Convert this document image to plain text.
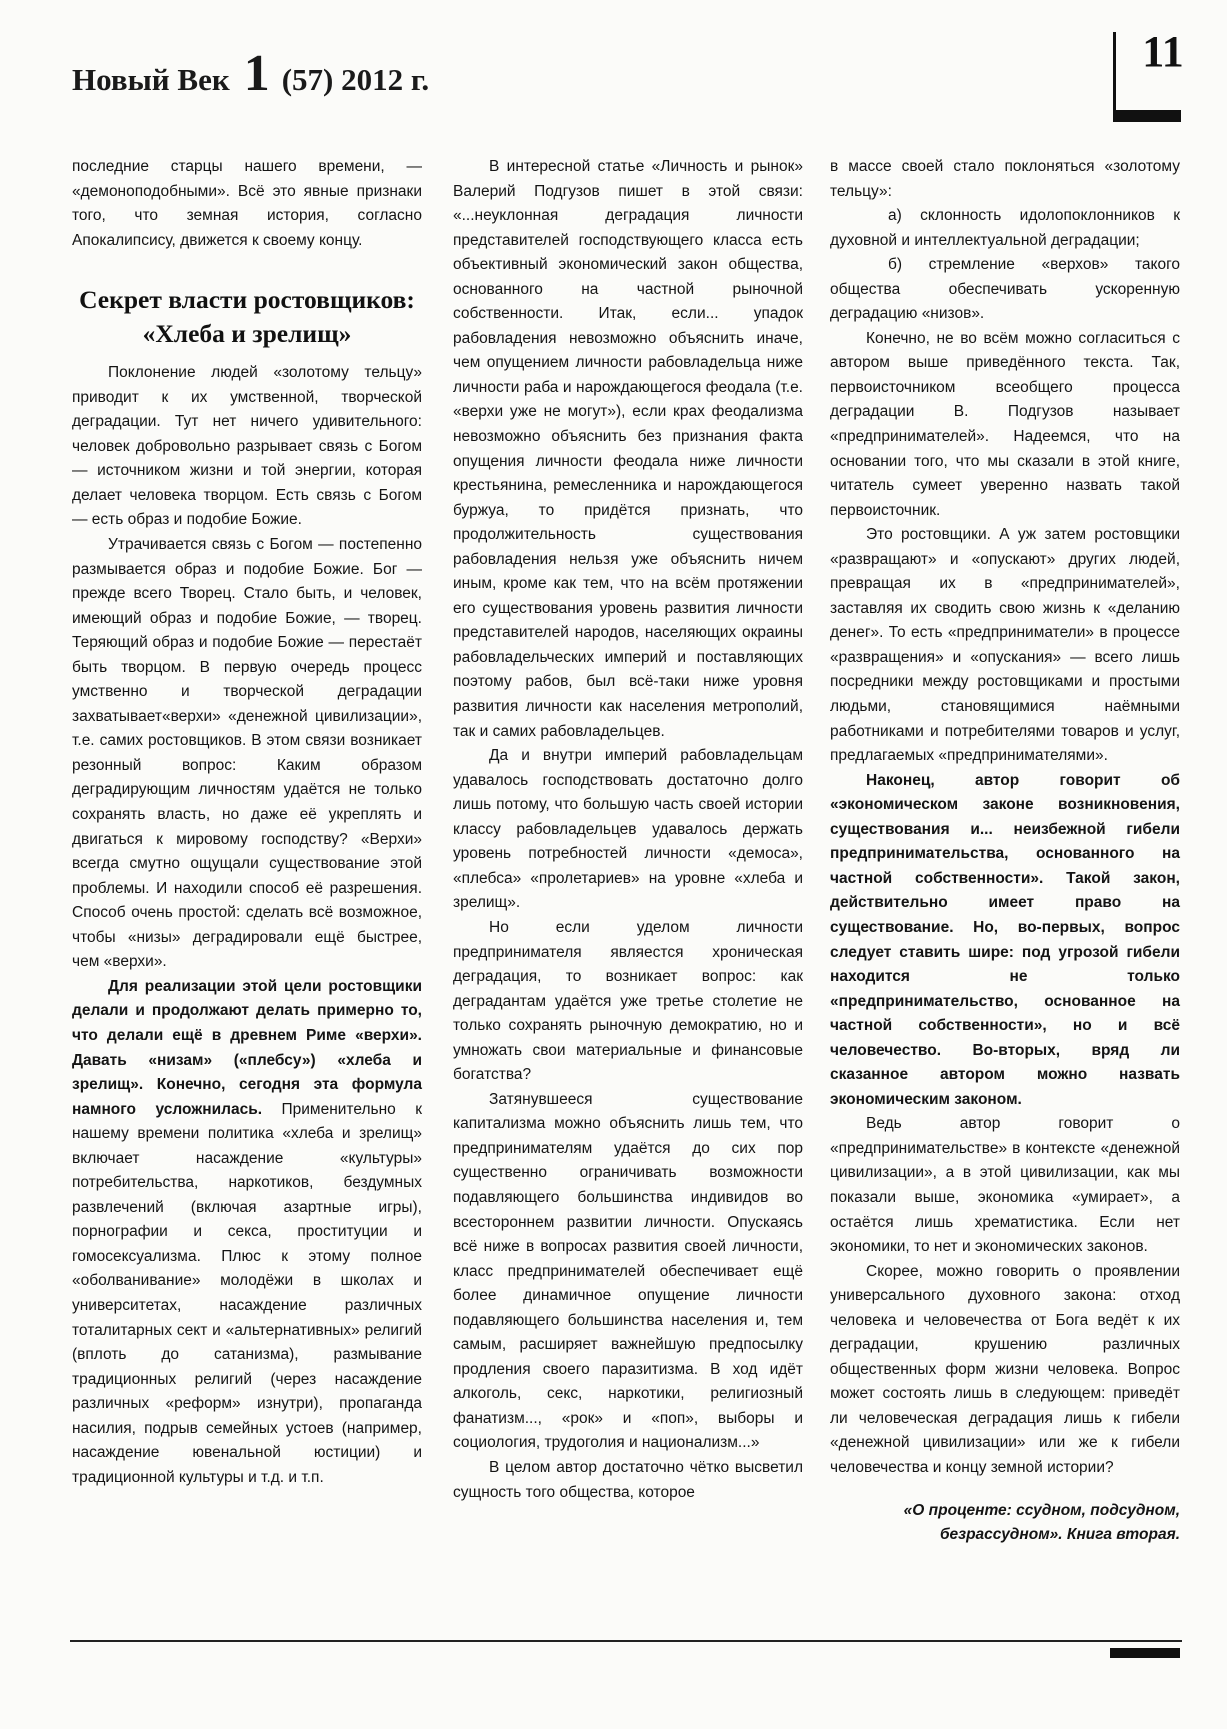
Новый Век 1 (57) 2012 г.
11

последние старцы нашего времени, — «демоноподобными». Всё это явные признаки того, что земная история, согласно Апокалипсису, движется к своему концу.

Секрет власти ростовщиков: «Хлеба и зрелищ»

Поклонение людей «золотому тельцу» приводит к их умственной, творческой деградации. Тут нет ничего удивительного: человек добровольно разрывает связь с Богом — источником жизни и той энергии, которая делает человека творцом. Есть связь с Богом — есть образ и подобие Божие.

Утрачивается связь с Богом — постепенно размывается образ и подобие Божие. Бог — прежде всего Творец. Стало быть, и человек, имеющий образ и подобие Божие, — творец. Теряющий образ и подобие Божие — перестаёт быть творцом. В первую очередь процесс умственно и творческой деградации захватывает«верхи» «денежной цивилизации», т.е. самих ростовщиков. В этом связи возникает резонный вопрос: Каким образом деградирующим личностям удаётся не только сохранять власть, но даже её укреплять и двигаться к мировому господству? «Верхи» всегда смутно ощущали существование этой проблемы. И находили способ её разрешения. Способ очень простой: сделать всё возможное, чтобы «низы» деградировали ещё быстрее, чем «верхи».

Для реализации этой цели ростовщики делали и продолжают делать примерно то, что делали ещё в древнем Риме «верхи». Давать «низам» («плебсу») «хлеба и зрелищ». Конечно, сегодня эта формула намного усложнилась. Применительно к нашему времени политика «хлеба и зрелищ» включает насаждение «культуры» потребительства, наркотиков, бездумных развлечений (включая азартные игры), порнографии и секса, проституции и гомосексуализма. Плюс к этому полное «оболванивание» молодёжи в школах и университетах, насаждение различных тоталитарных сект и «альтернативных» религий (вплоть до сатанизма), размывание традиционных религий (через насаждение различных «реформ» изнутри), пропаганда насилия, подрыв семейных устоев (например, насаждение ювенальной юстиции) и традиционной культуры и т.д. и т.п.

В интересной статье «Личность и рынок» Валерий Подгузов пишет в этой связи: «...неуклонная деградация личности представителей господствующего класса есть объективный экономический закон общества, основанного на частной рыночной собственности. Итак, если... упадок рабовладения невозможно объяснить иначе, чем опущением личности рабовладельца ниже личности раба и нарождающегося феодала (т.е. «верхи уже не могут»), если крах феодализма невозможно объяснить без признания факта опущения личности феодала ниже личности крестьянина, ремесленника и нарождающегося буржуа, то придётся признать, что продолжительность существования рабовладения нельзя уже объяснить ничем иным, кроме как тем, что на всём протяжении его существования уровень развития личности представителей народов, населяющих окраины рабовладельческих империй и поставляющих поэтому рабов, был всё-таки ниже уровня развития личности как населения метрополий, так и самих рабовладельцев.

Да и внутри империй рабовладельцам удавалось господствовать достаточно долго лишь потому, что большую часть своей истории классу рабовладельцев удавалось держать уровень потребностей личности «демоса», «плебса» «пролетариев» на уровне «хлеба и зрелищ».

Но если уделом личности предпринимателя являестся хроническая деградация, то возникает вопрос: как деградантам удаётся уже третье столетие не только сохранять рыночную демократию, но и умножать свои материальные и финансовые богатства?

Затянувшееся существование капитализма можно объяснить лишь тем, что предпринимателям удаётся до сих пор существенно ограничивать возможности подавляющего большинства индивидов во всестороннем развитии личности. Опускаясь всё ниже в вопросах развития своей личности, класс предпринимателей обеспечивает ещё более динамичное опущение личности подавляющего большинства населения и, тем самым, расширяет важнейшую предпосылку продления своего паразитизма. В ход идёт алкоголь, секс, наркотики, религиозный фанатизм..., «рок» и «поп», выборы и социология, трудоголия и национализм...»

В целом автор достаточно чётко высветил сущность того общества, которое

в массе своей стало поклоняться «золотому тельцу»:

а) склонность идолопоклонников к духовной и интеллектуальной деградации;

б) стремление «верхов» такого общества обеспечивать ускоренную деградацию «низов».

Конечно, не во всём можно согласиться с автором выше приведённого текста. Так, первоисточником всеобщего процесса деградации В. Подгузов называет «предпринимателей». Надеемся, что на основании того, что мы сказали в этой книге, читатель сумеет уверенно назвать такой первоисточник.

Это ростовщики. А уж затем ростовщики «развращают» и «опускают» других людей, превращая их в «предпринимателей», заставляя их сводить свою жизнь к «деланию денег». То есть «предприниматели» в процессе «развращения» и «опускания» — всего лишь посредники между ростовщиками и простыми людьми, становящимися наёмными работниками и потребителями товаров и услуг, предлагаемых «предпринимателями».

Наконец, автор говорит об «экономическом законе возникновения, существования и... неизбежной гибели предпринимательства, основанного на частной собственности». Такой закон, действительно имеет право на существование. Но, во-первых, вопрос следует ставить шире: под угрозой гибели находится не только «предпринимательство, основанное на частной собственности», но и всё человечество. Во-вторых, вряд ли сказанное автором можно назвать экономическим законом.

Ведь автор говорит о «предпринимательстве» в контексте «денежной цивилизации», а в этой цивилизации, как мы показали выше, экономика «умирает», а остаётся лишь хрематистика. Если нет экономики, то нет и экономических законов.

Скорее, можно говорить о проявлении универсального духовного закона: отход человека и человечества от Бога ведёт к их деградации, крушению различных общественных форм жизни человека. Вопрос может состоять лишь в следующем: приведёт ли человеческая деградация лишь к гибели «денежной цивилизации» или же к гибели человечества и концу земной истории?

«О проценте: ссудном, подсудном, безрассудном». Книга вторая.
